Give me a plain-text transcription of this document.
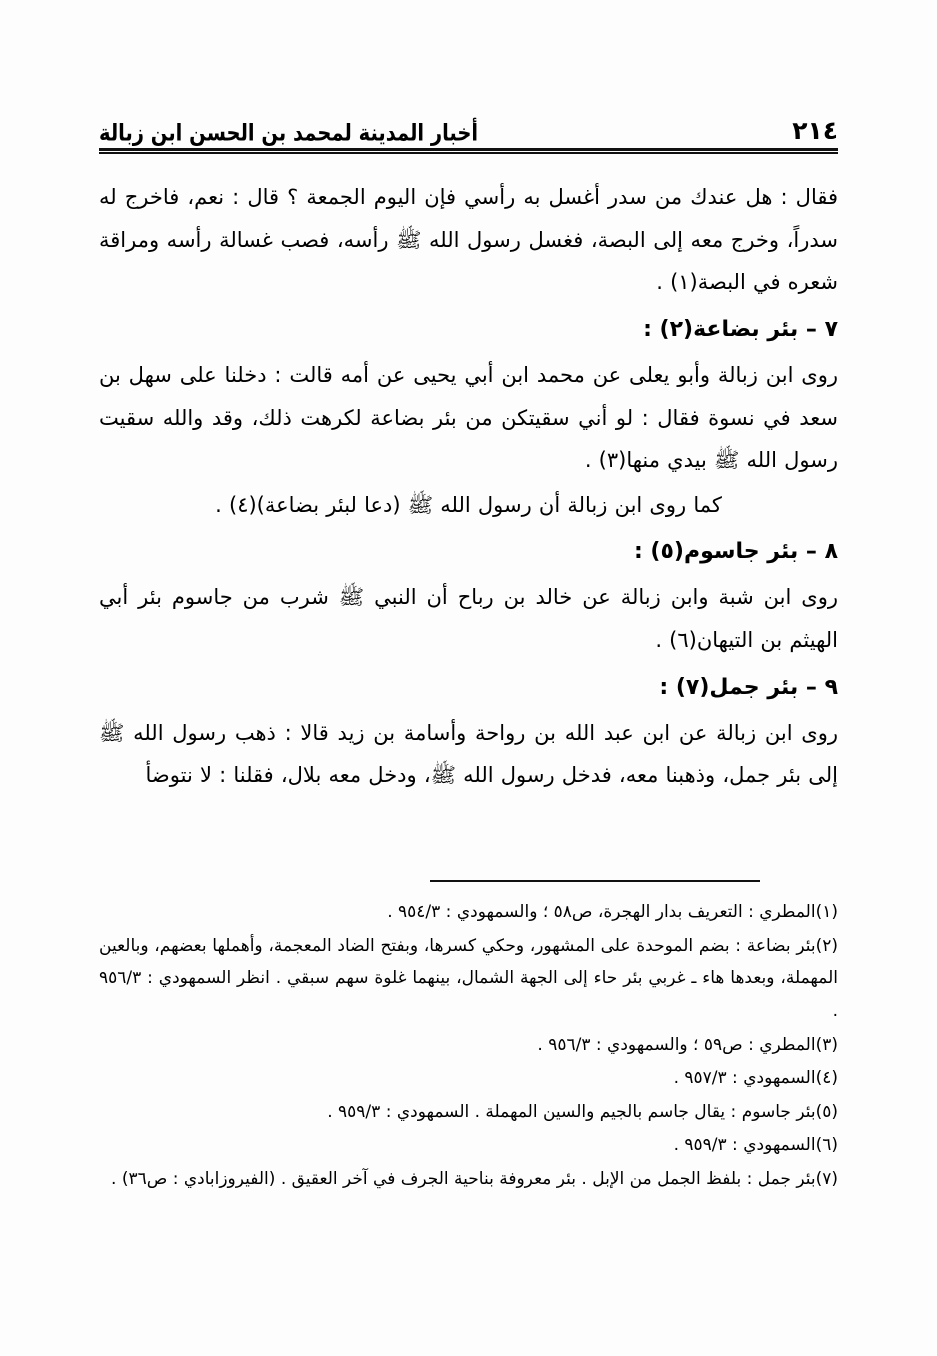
أخبار المدينة لمحمد بن الحسن ابن زبالة	٢١٤

فقال : هل عندك من سدر أغسل به رأسي فإن اليوم الجمعة ؟ قال : نعم، فاخرج له سدراً، وخرج معه إلى البصة، فغسل رسول الله ﷺ رأسه، فصب غسالة رأسه ومراقة شعره في البصة(١) .

٧ – بئر بضاعة(٢) :

روى ابن زبالة وأبو يعلى عن محمد ابن أبي يحيى عن أمه قالت : دخلنا على سهل بن سعد في نسوة فقال : لو أني سقيتكن من بئر بضاعة لكرهت ذلك، وقد والله سقيت رسول الله ﷺ بيدي منها(٣) .

كما روى ابن زبالة أن رسول الله ﷺ (دعا لبئر بضاعة)(٤) .

٨ – بئر جاسوم(٥) :

روى ابن شبة وابن زبالة عن خالد بن رباح أن النبي ﷺ شرب من جاسوم بئر أبي الهيثم بن التيهان(٦) .

٩ – بئر جمل(٧) :

روى ابن زبالة عن ابن عبد الله بن رواحة وأسامة بن زيد قالا : ذهب رسول الله ﷺ إلى بئر جمل، وذهبنا معه، فدخل رسول الله ﷺ، ودخل معه بلال، فقلنا : لا نتوضأ

(١)المطري : التعريف بدار الهجرة، ص٥٨ ؛ والسمهودي : ٩٥٤/٣ .
(٢)بئر بضاعة : بضم الموحدة على المشهور، وحكي كسرها، وبفتح الضاد المعجمة، وأهملها بعضهم، وبالعين المهملة، وبعدها هاء ـ غربي بئر حاء إلى الجهة الشمال، بينهما غلوة سهم سبقي . انظر السمهودي : ٩٥٦/٣ .
(٣)المطري : ص٥٩ ؛ والسمهودي : ٩٥٦/٣ .
(٤)السمهودي : ٩٥٧/٣ .
(٥)بئر جاسوم : يقال جاسم بالجيم والسين المهملة . السمهودي : ٩٥٩/٣ .
(٦)السمهودي : ٩٥٩/٣ .
(٧)بئر جمل : بلفظ الجمل من الإبل . بئر معروفة بناحية الجرف في آخر العقيق . (الفيروزابادي : ص٣٦) .
